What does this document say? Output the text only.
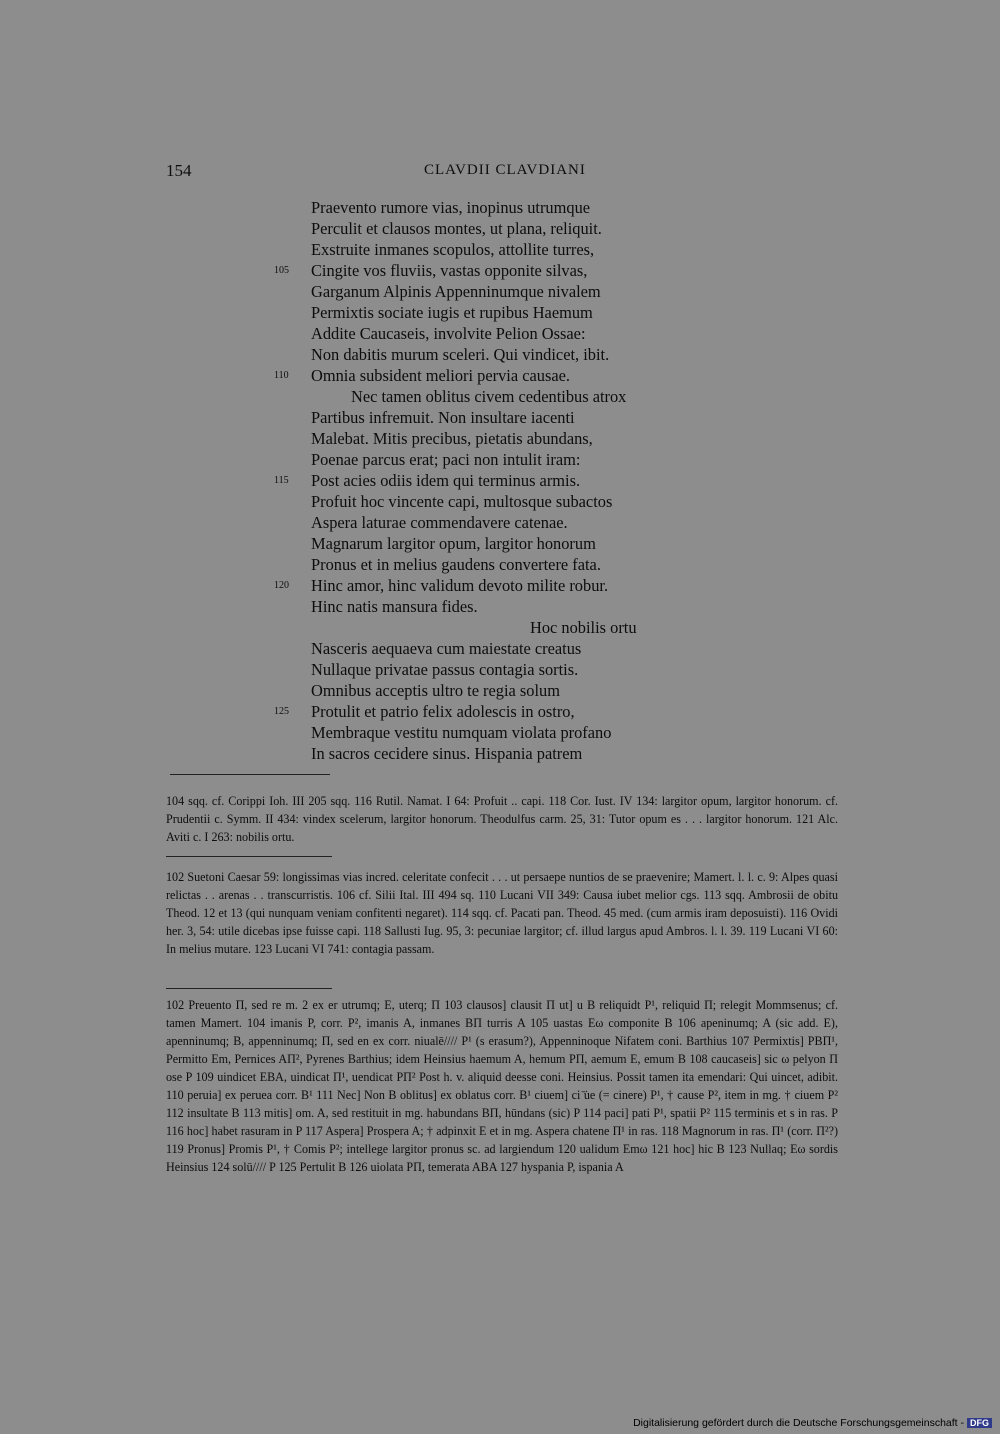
154	CLAVDII CLAVDIANI
Praevento rumore vias, inopinus utrumque
Perculit et clausos montes, ut plana, reliquit.
Exstruite inmanes scopulos, attollite turres,
105 Cingite vos fluviis, vastas opponite silvas,
Garganum Alpinis Appenninumque nivalem
Permixtis sociate iugis et rupibus Haemum
Addite Caucaseis, involvite Pelion Ossae:
Non dabitis murum sceleri. Qui vindicet, ibit.
110 Omnia subsident meliori pervia causae.
Nec tamen oblitus civem cedentibus atrox
Partibus infremuit. Non insultare iacenti
Malebat. Mitis precibus, pietatis abundans,
Poenae parcus erat; paci non intulit iram:
115 Post acies odiis idem qui terminus armis.
Profuit hoc vincente capi, multosque subactos
Aspera laturae commendavere catenae.
Magnarum largitor opum, largitor honorum
Pronus et in melius gaudens convertere fata.
120 Hinc amor, hinc validum devoto milite robur.
Hinc natis mansura fides.
Hoc nobilis ortu
Nasceris aequaeva cum maiestate creatus
Nullaque privatae passus contagia sortis.
Omnibus acceptis ultro te regia solum
125 Protulit et patrio felix adolescis in ostro,
Membraque vestitu numquam violata profano
In sacros cecidere sinus. Hispania patrem

104 sqq. cf. Corippi Ioh. III 205 sqq. 116 Rutil. Namat. I 64: Profuit .. capi. 118 Cor. Iust. IV 134: largitor opum, largitor honorum. cf. Prudentii c. Symm. II 434: vindex scelerum, largitor honorum. Theodulfus carm. 25, 31: Tutor opum es . . . largitor honorum. 121 Alc. Aviti c. I 263: nobilis ortu.

102 Suetoni Caesar 59: longissimas vias incred. celeritate confecit . . . ut persaepe nuntios de se praevenire; Mamert. l. l. c. 9: Alpes quasi relictas . . arenas . . transcurristis. 106 cf. Silii Ital. III 494 sq. 110 Lucani VII 349: Causa iubet melior cgs. 113 sqq. Ambrosii de obitu Theod. 12 et 13 (qui nunquam veniam confitenti negaret). 114 sqq. cf. Pacati pan. Theod. 45 med. (cum armis iram deposuisti). 116 Ovidi her. 3, 54: utile dicebas ipse fuisse capi. 118 Sallusti Iug. 95, 3: pecuniae largitor; cf. illud largus apud Ambros. l. l. 39. 119 Lucani VI 60: In melius mutare. 123 Lucani VI 741: contagia passam.

102 Preuento Π, sed re m. 2 ex er utrumq; E, uterq; Π 103 clausos] clausit Π ut] u B reliquidt P¹, reliquid Π; relegit Mommsenus; cf. tamen Mamert. 104 imanis P, corr. P², imanis A, inmanes BΠ turris A 105 uastas Eω componite B 106 apeninumq; A (sic add. E), apenninumq; B, appenninumq; Π, sed en ex corr. niualē//// P¹ (s erasum?), Appenninoque Nifatem coni. Barthius 107 Permixtis] PBΠ¹, Permitto Em, Pernices AΠ², Pyrenes Barthius; idem Heinsius haemum A, hemum PΠ, aemum E, emum B 108 caucaseis] sic ω pelyon Π ose P 109 uindicet EBA, uindicat Π¹, uendicat PΠ² Post h. v. aliquid deesse coni. Heinsius. Possit tamen ita emendari: Qui uincet, adibit. 110 peruia] ex peruea corr. B¹ 111 Nec] Non B oblitus] ex oblatus corr. B¹ ciuem] ci ̄u̇e (= cinere) P¹, † cause P², item in mg. † ciuem P² 112 insultate B 113 mitis] om. A, sed restituit in mg. habundans BΠ, hūndans (sic) P 114 paci] pati P¹, spatii P² 115 terminis et s in ras. P 116 hoc] habet rasuram in P 117 Aspera] Prospera A; † adpinxit E et in mg. Aspera chatene Π¹ in ras. 118 Magnorum in ras. Π¹ (corr. Π²?) 119 Pronus] Promis P¹, † Comis P²; intellege largitor pronus sc. ad largiendum 120 ualidum Emω 121 hoc] hic B 123 Nullaq; Eω sordis Heinsius 124 solū//// P 125 Pertulit B 126 uiolata PΠ, temerata ABA 127 hyspania P, ispania A

Digitalisierung gefördert durch die Deutsche Forschungsgemeinschaft - DFG
